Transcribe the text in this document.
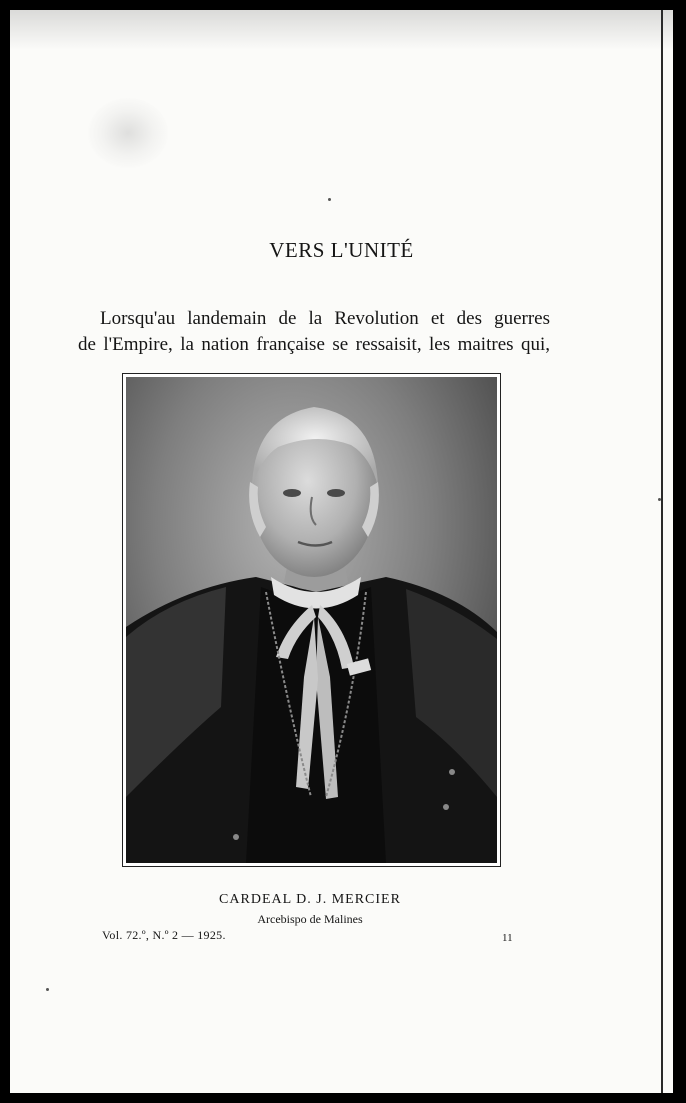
VERS L'UNITÉ
Lorsqu'au landemain de la Revolution et des guerres
de l'Empire, la nation française se ressaisit, les maitres qui,
CARDEAL D. J. MERCIER
Arcebispo de Malines
Vol. 72.º, N.º 2 — 1925.	11
